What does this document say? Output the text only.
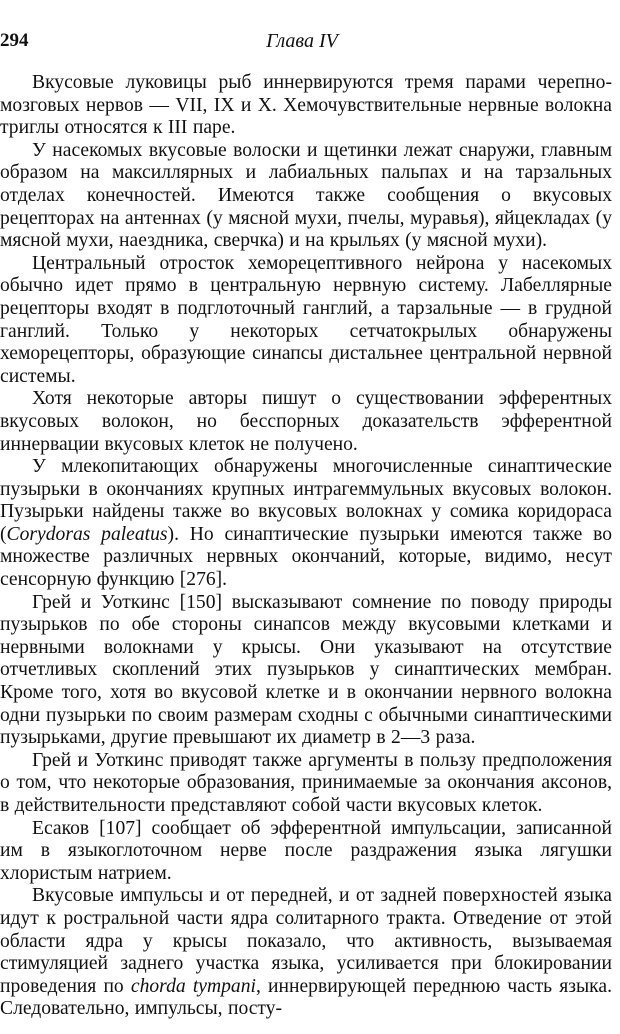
294	Глава IV

Вкусовые луковицы рыб иннервируются тремя парами черепно-мозговых нервов — VII, IX и X. Хемочувствительные нервные волокна триглы относятся к III паре.

У насекомых вкусовые волоски и щетинки лежат снаружи, главным образом на максиллярных и лабиальных пальпах и на тарзальных отделах конечностей. Имеются также сообщения о вкусовых рецепторах на антеннах (у мясной мухи, пчелы, муравья), яйцекладах (у мясной мухи, наездника, сверчка) и на крыльях (у мясной мухи).

Центральный отросток хеморецептивного нейрона у насекомых обычно идет прямо в центральную нервную систему. Лабеллярные рецепторы входят в подглоточный ганглий, а тарзальные — в грудной ганглий. Только у некоторых сетчатокрылых обнаружены хеморецепторы, образующие синапсы дистальнее центральной нервной системы.

Хотя некоторые авторы пишут о существовании эфферентных вкусовых волокон, но бесспорных доказательств эфферентной иннервации вкусовых клеток не получено.

У млекопитающих обнаружены многочисленные синаптические пузырьки в окончаниях крупных интрагеммульных вкусовых волокон. Пузырьки найдены также во вкусовых волокнах у сомика коридораса (Corydoras paleatus). Но синаптические пузырьки имеются также во множестве различных нервных окончаний, которые, видимо, несут сенсорную функцию [276].

Грей и Уоткинс [150] высказывают сомнение по поводу природы пузырьков по обе стороны синапсов между вкусовыми клетками и нервными волокнами у крысы. Они указывают на отсутствие отчетливых скоплений этих пузырьков у синаптических мембран. Кроме того, хотя во вкусовой клетке и в окончании нервного волокна одни пузырьки по своим размерам сходны с обычными синаптическими пузырьками, другие превышают их диаметр в 2—3 раза.

Грей и Уоткинс приводят также аргументы в пользу предположения о том, что некоторые образования, принимаемые за окончания аксонов, в действительности представляют собой части вкусовых клеток.

Есаков [107] сообщает об эфферентной импульсации, записанной им в языкоглоточном нерве после раздражения языка лягушки хлористым натрием.

Вкусовые импульсы и от передней, и от задней поверхностей языка идут к ростральной части ядра солитарного тракта. Отведение от этой области ядра у крысы показало, что активность, вызываемая стимуляцией заднего участка языка, усиливается при блокировании проведения по chorda tympani, иннервирующей переднюю часть языка. Следовательно, импульсы, посту-
